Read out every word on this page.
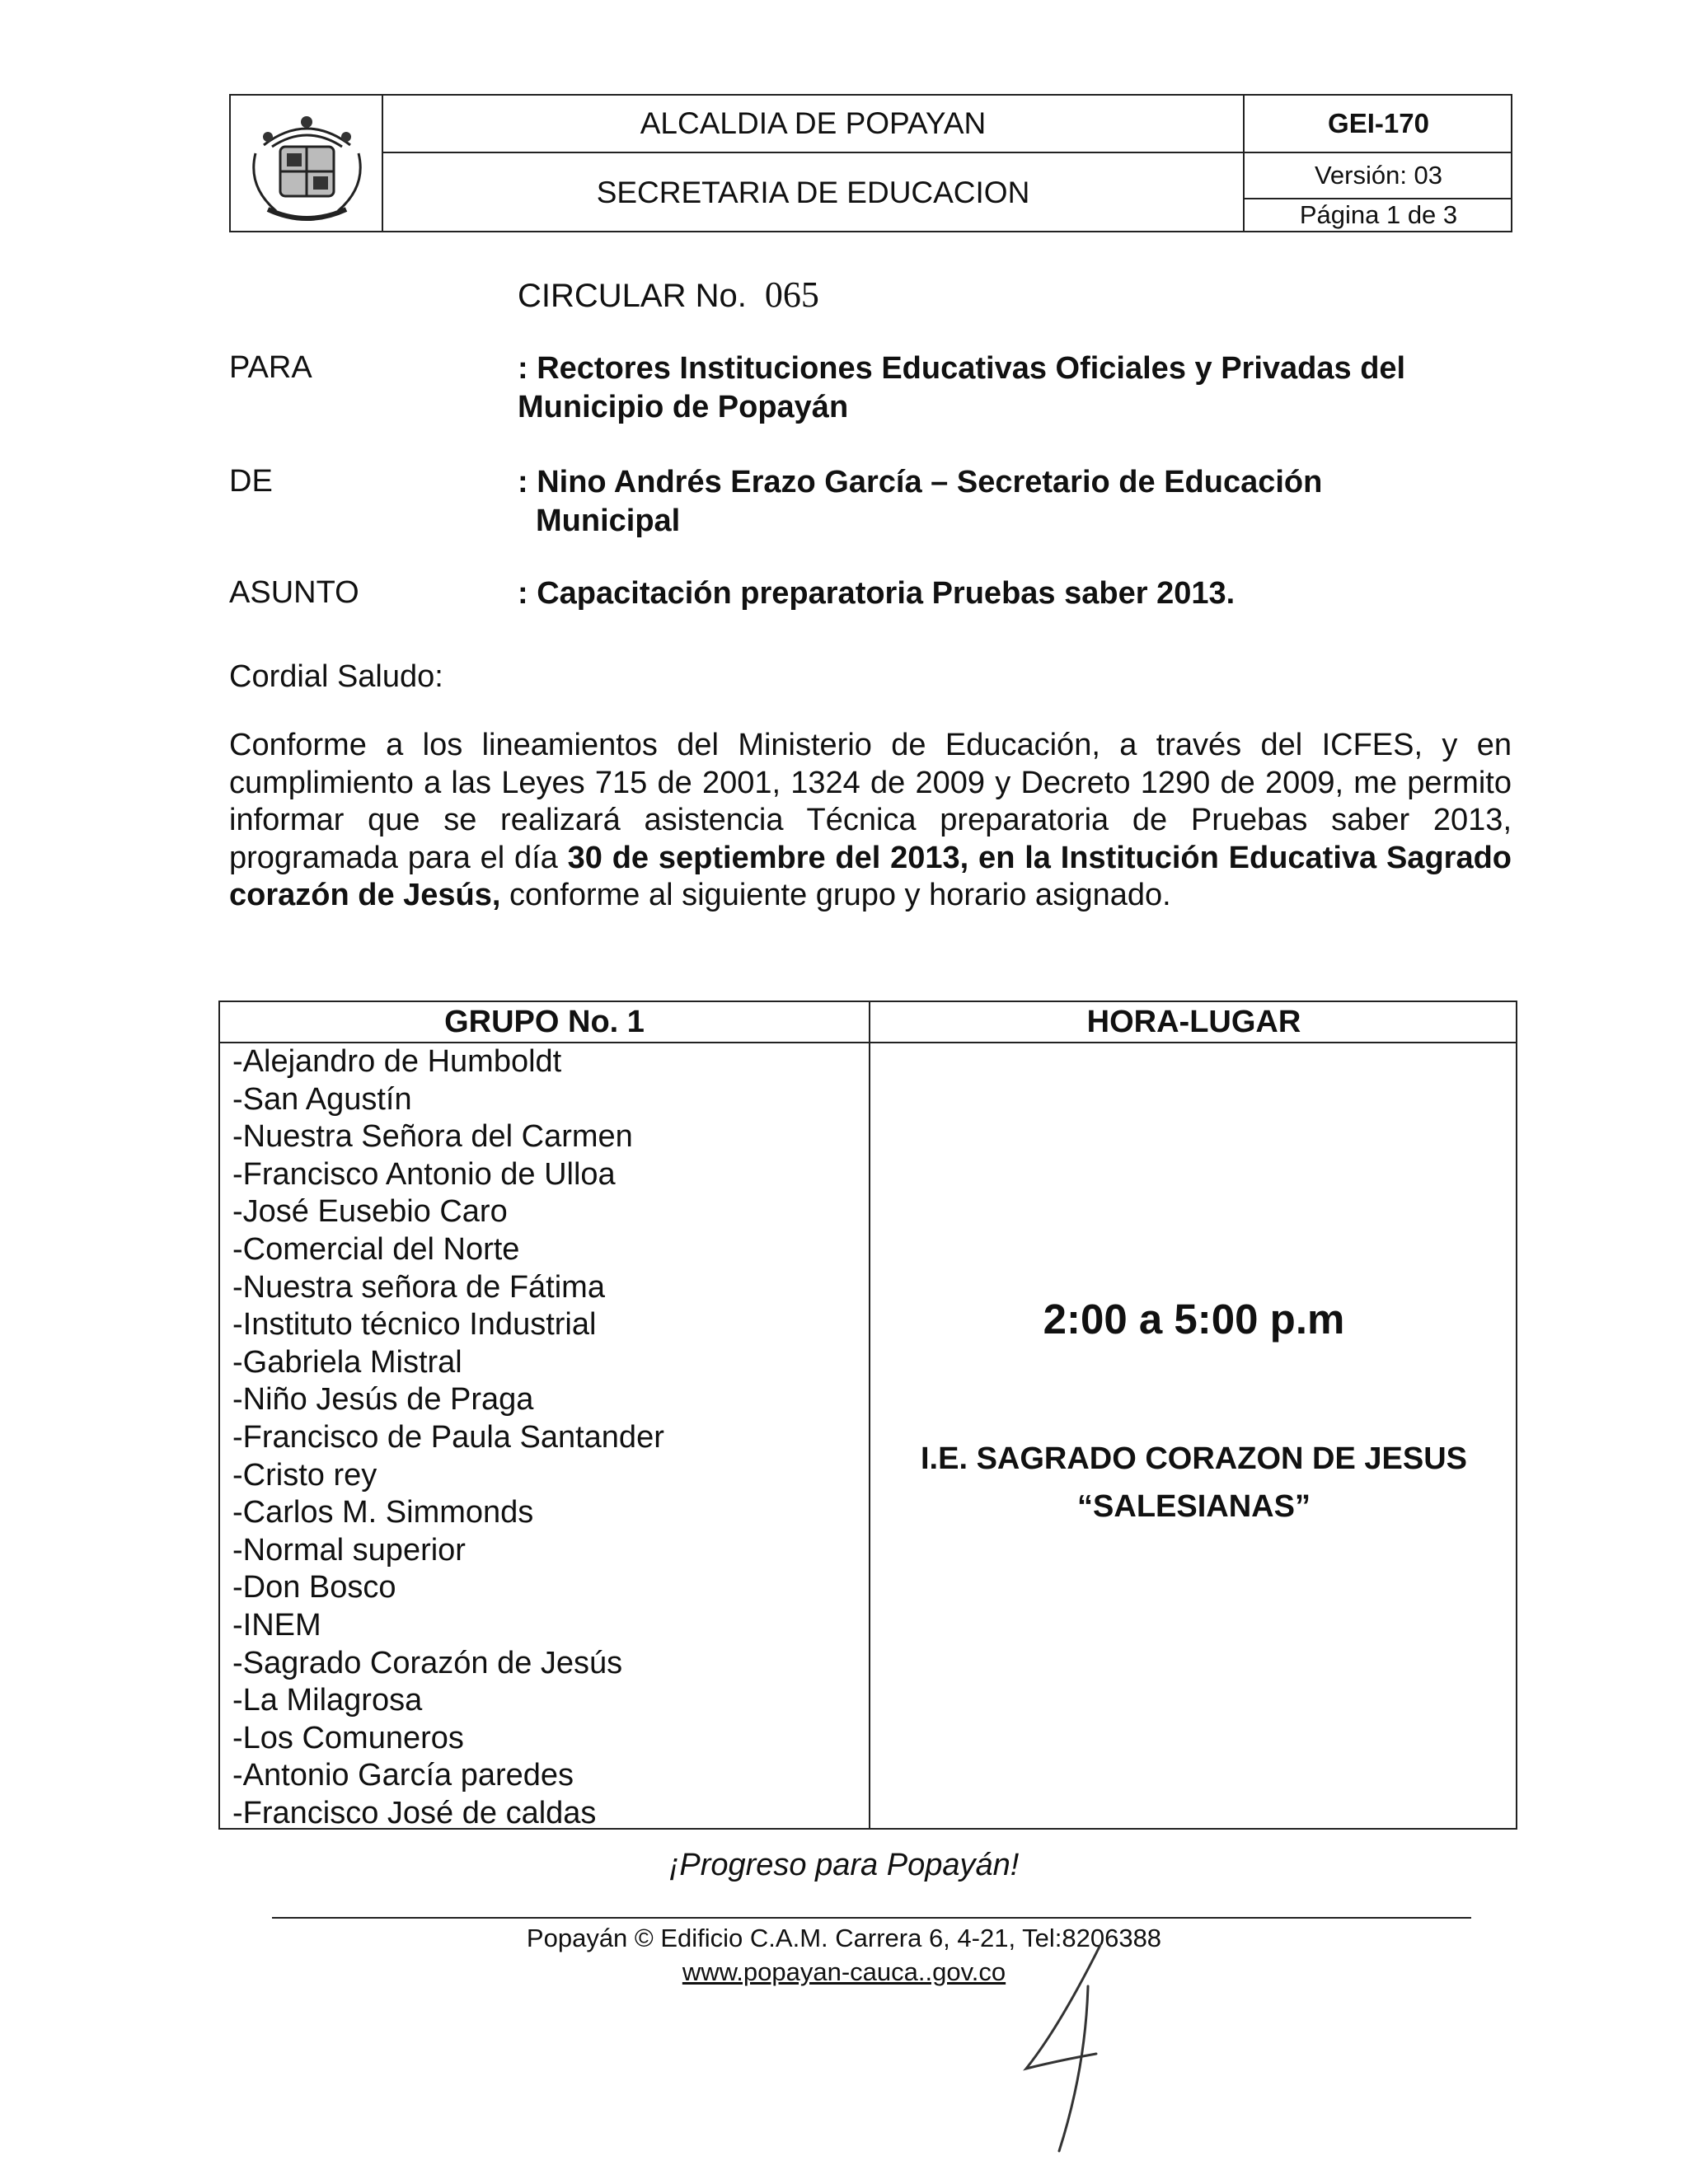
ALCALDIA DE POPAYAN
SECRETARIA DE EDUCACION
GEI-170
Versión: 03
Página 1 de 3
CIRCULAR No. 065
PARA	: Rectores Instituciones Educativas Oficiales y Privadas del
Municipio de Popayán
DE	: Nino Andrés Erazo García – Secretario de Educación
Municipal
ASUNTO	: Capacitación preparatoria Pruebas saber 2013.
Cordial Saludo:
Conforme a los lineamientos del Ministerio de Educación, a través del ICFES, y en cumplimiento a las Leyes 715 de 2001, 1324 de 2009 y Decreto 1290 de 2009, me permito informar que se realizará asistencia Técnica preparatoria de Pruebas saber 2013, programada para el día 30 de septiembre del 2013, en la Institución Educativa Sagrado corazón de Jesús, conforme al siguiente grupo y horario asignado.
GRUPO No. 1	HORA-LUGAR
-Alejandro de Humboldt
-San Agustín
-Nuestra Señora del Carmen
-Francisco Antonio de Ulloa
-José Eusebio Caro
-Comercial del Norte
-Nuestra señora de Fátima
-Instituto técnico Industrial
-Gabriela Mistral
-Niño Jesús de Praga
-Francisco de Paula Santander
-Cristo rey
-Carlos M. Simmonds
-Normal superior
-Don Bosco
-INEM
-Sagrado Corazón de Jesús
-La Milagrosa
-Los Comuneros
-Antonio García paredes
-Francisco José de caldas
2:00 a 5:00 p.m
I.E. SAGRADO CORAZON DE JESUS
“SALESIANAS”
¡Progreso para Popayán!
Popayán © Edificio C.A.M. Carrera 6, 4-21, Tel:8206388
www.popayan-cauca..gov.co
